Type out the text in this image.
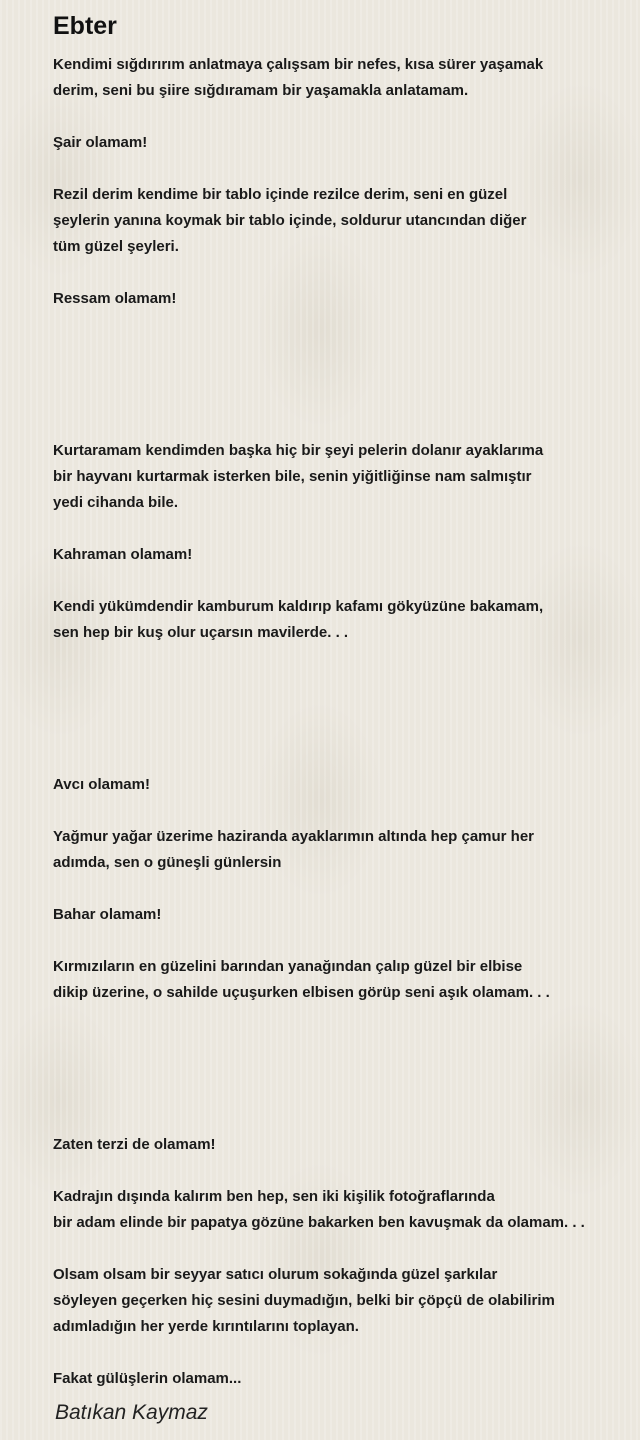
Ebter
Kendimi sığdırırım anlatmaya çalışsam bir nefes, kısa sürer yaşamak
derim, seni bu şiire sığdıramam bir yaşamakla anlatamam.
Şair olamam!
Rezil derim kendime bir tablo içinde rezilce derim, seni en güzel
şeylerin yanına koymak bir tablo içinde, soldurur utancından diğer
tüm güzel şeyleri.
Ressam olamam!
Kurtaramam kendimden başka hiç bir şeyi pelerin dolanır ayaklarıma
bir hayvanı kurtarmak isterken bile, senin yiğitliğinse nam salmıştır
yedi cihanda bile.
Kahraman olamam!
Kendi yükümdendir kamburum kaldırıp kafamı gökyüzüne bakamam,
sen hep bir kuş olur uçarsın mavilerde. . .
Avcı olamam!
Yağmur yağar üzerime haziranda ayaklarımın altında hep çamur her
adımda, sen o güneşli günlersin
Bahar olamam!
Kırmızıların en güzelini barından yanağından çalıp güzel bir elbise
dikip üzerine, o sahilde uçuşurken elbisen görüp seni aşık olamam. . .
Zaten terzi de olamam!
Kadrajın dışında kalırım ben hep, sen iki kişilik fotoğraflarında
bir adam elinde bir papatya gözüne bakarken ben kavuşmak da olamam. . .
Olsam olsam bir seyyar satıcı olurum sokağında güzel şarkılar
söyleyen geçerken hiç sesini duymadığın, belki bir çöpçü de olabilirim
adımladığın her yerde kırıntılarını toplayan.
Fakat gülüşlerin olamam...
Batıkan Kaymaz
